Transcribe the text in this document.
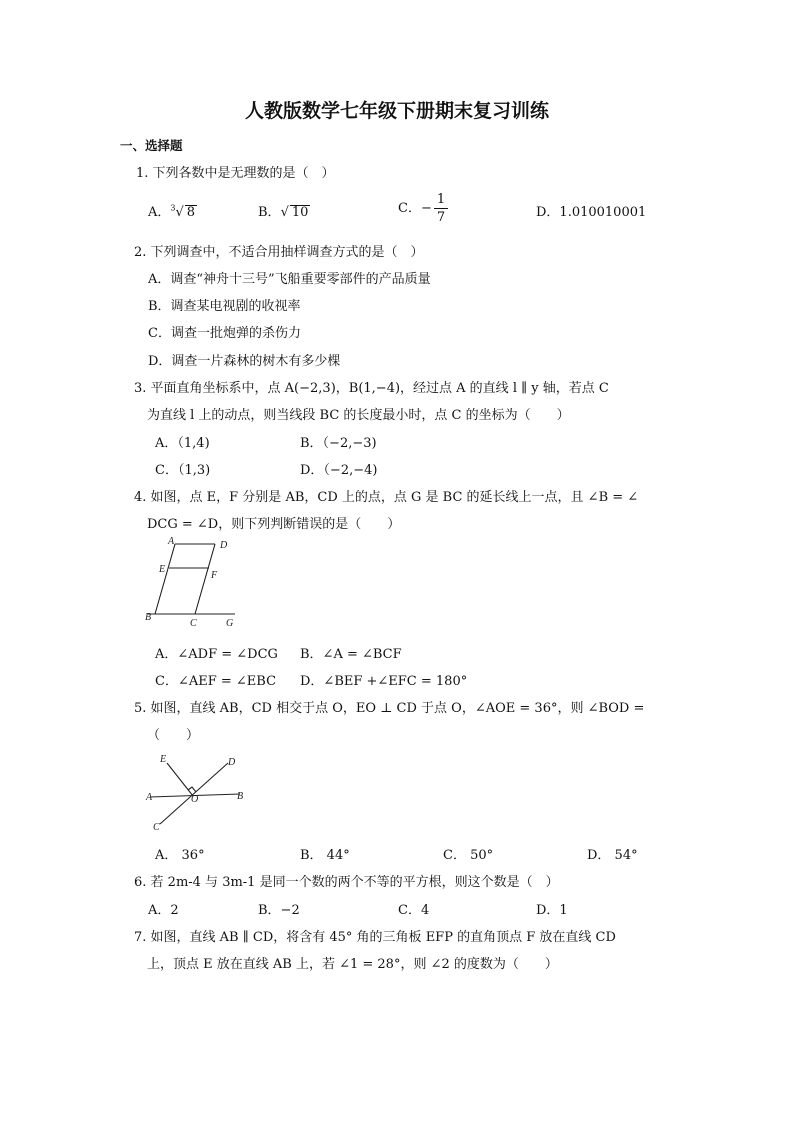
人教版数学七年级下册期末复习训练
一、选择题
1. 下列各数中是无理数的是（　）
A．$^3$√ 8	B．√ 10	C．− $\frac{1}{7}$	D．1.010010001
2. 下列调查中，不适合用抽样调查方式的是（　）
A．调查“神舟十三号”飞船重要零部件的产品质量
B．调查某电视剧的收视率
C．调查一批炮弹的杀伤力
D．调查一片森林的树木有多少棵
3. 平面直角坐标系中，点 A(−2,3)，B(1,−4)，经过点 A 的直线 l ∥ y 轴，若点 C
为直线 l 上的动点，则当线段 BC 的长度最小时，点 C 的坐标为（　　）
A．（1,4)	B．（−2,−3)
C．（1,3)	D．（−2,−4)
4. 如图，点 E，F 分别是 AB，CD 上的点，点 G 是 BC 的延长线上一点，且 ∠B = ∠
DCG = ∠D，则下列判断错误的是（　　）
A	D
E
F
B
C	G
A．∠ADF = ∠DCG B．∠A = ∠BCF
C．∠AEF = ∠EBC D．∠BEF +∠EFC = 180°
5. 如图，直线 AB，CD 相交于点 O，EO ⊥ CD 于点 O，∠AOE = 36°，则 ∠BOD =
（　　）
E	D
A	O	B
C
A． 36°	B． 44°	C． 50°	D． 54°
6. 若 2m-4 与 3m-1 是同一个数的两个不等的平方根，则这个数是（　）
A．2	B．−2	C．4	D．1
7. 如图，直线 AB ∥ CD，将含有 45° 角的三角板 EFP 的直角顶点 F 放在直线 CD
上，顶点 E 放在直线 AB 上，若 ∠1 = 28°，则 ∠2 的度数为（　　）
